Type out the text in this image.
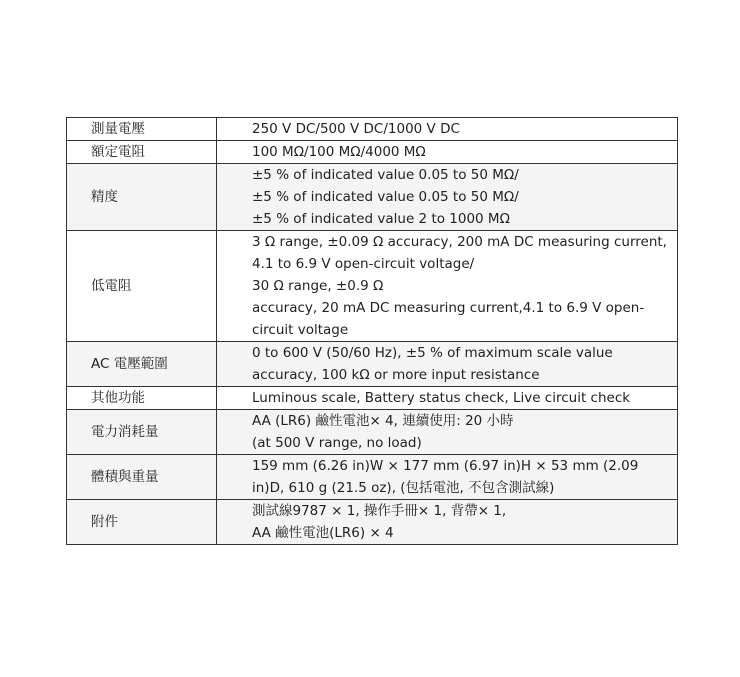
測量電壓	250 V DC/500 V DC/1000 V DC

額定電阻	100 MΩ/100 MΩ/4000 MΩ

精度	±5 % of indicated value 0.05 to 50 MΩ/
±5 % of indicated value 0.05 to 50 MΩ/
±5 % of indicated value 2 to 1000 MΩ

低電阻	3 Ω range, ±0.09 Ω accuracy, 200 mA DC measuring current,
4.1 to 6.9 V open-circuit voltage/
30 Ω range, ±0.9 Ω
accuracy, 20 mA DC measuring current,4.1 to 6.9 V open-
circuit voltage

AC 電壓範圍	0 to 600 V (50/60 Hz), ±5 % of maximum scale value
accuracy, 100 kΩ or more input resistance

其他功能	Luminous scale, Battery status check, Live circuit check

電力消耗量	AA (LR6) 鹼性電池× 4, 連續使用: 20 小時
(at 500 V range, no load)

體積與重量	159 mm (6.26 in)W × 177 mm (6.97 in)H × 53 mm (2.09
in)D, 610 g (21.5 oz), (包括電池, 不包含測試線)

附件	測試線9787 × 1, 操作手冊× 1, 背帶× 1,
AA 鹼性電池(LR6) × 4
